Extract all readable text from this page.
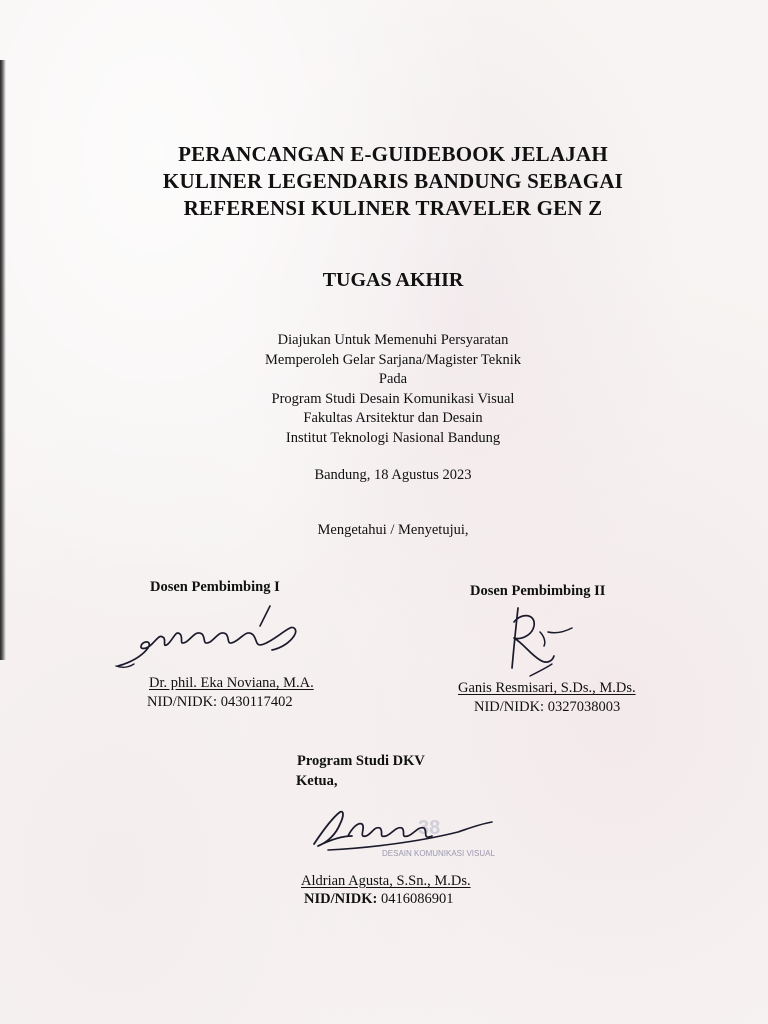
PERANCANGAN E-GUIDEBOOK JELAJAH
KULINER LEGENDARIS BANDUNG SEBAGAI
REFERENSI KULINER TRAVELER GEN Z
TUGAS AKHIR
Diajukan Untuk Memenuhi Persyaratan
Memperoleh Gelar Sarjana/Magister Teknik
Pada
Program Studi Desain Komunikasi Visual
Fakultas Arsitektur dan Desain
Institut Teknologi Nasional Bandung
Bandung, 18 Agustus 2023
Mengetahui / Menyetujui,
Dosen Pembimbing I
Dr. phil. Eka Noviana, M.A.
NID/NIDK: 0430117402
Dosen Pembimbing II
Ganis Resmisari, S.Ds., M.Ds.
NID/NIDK: 0327038003
Program Studi DKV
Ketua,
38
DESAIN KOMUNIKASI VISUAL
Aldrian Agusta, S.Sn., M.Ds.
NID/NIDK: 0416086901
